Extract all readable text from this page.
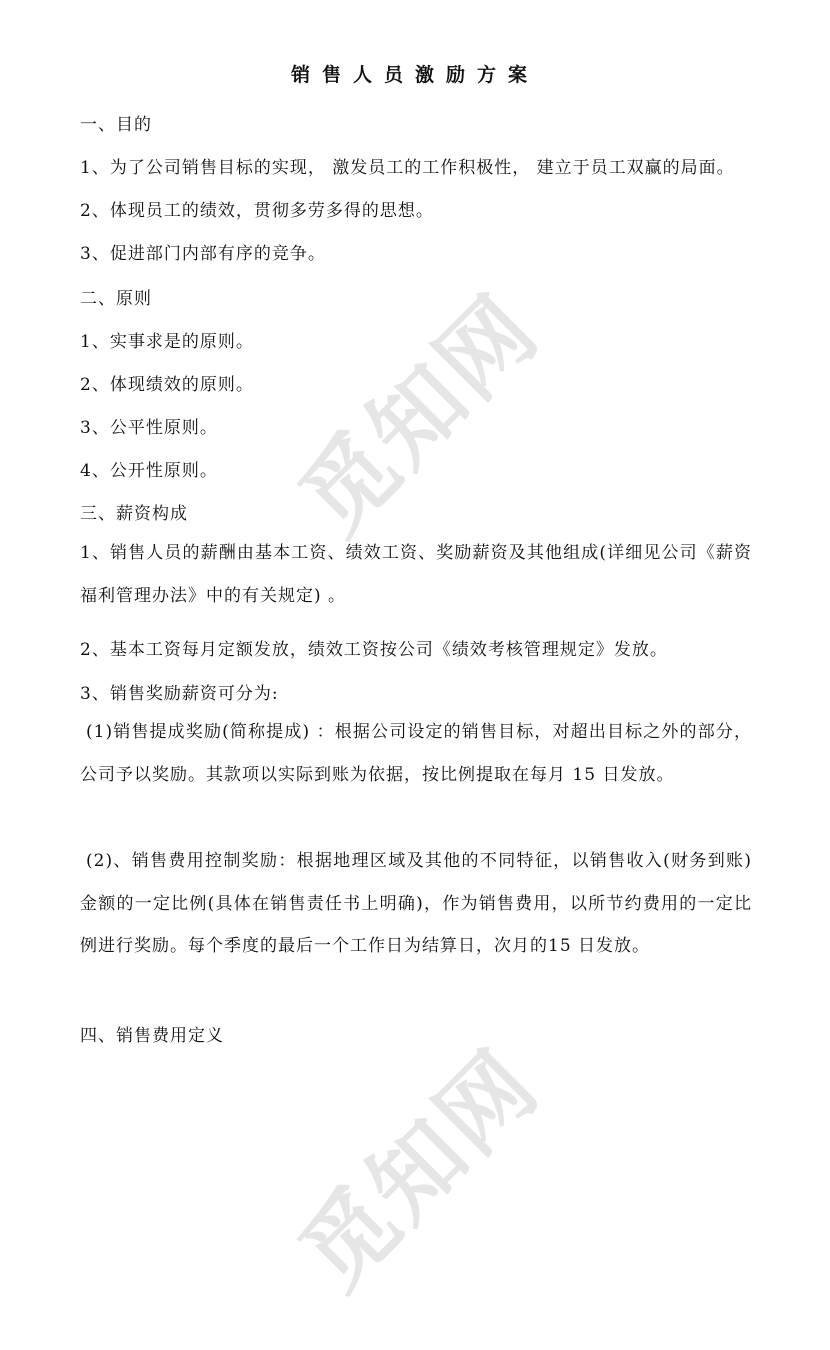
觅知网
觅知网
销售人员激励方案
一、目的
1、为了公司销售目标的实现， 激发员工的工作积极性， 建立于员工双赢的局面。
2、体现员工的绩效，贯彻多劳多得的思想。
3、促进部门内部有序的竞争。
二、原则
1、实事求是的原则。
2、体现绩效的原则。
3、公平性原则。
4、公开性原则。
三、薪资构成
1、销售人员的薪酬由基本工资、绩效工资、奖励薪资及其他组成(详细见公司《薪资福利管理办法》中的有关规定) 。
2、基本工资每月定额发放，绩效工资按公司《绩效考核管理规定》发放。
3、销售奖励薪资可分为:
(1)销售提成奖励(简称提成) ：根据公司设定的销售目标，对超出目标之外的部分，公司予以奖励。其款项以实际到账为依据，按比例提取在每月 15 日发放。
(2)、销售费用控制奖励：根据地理区域及其他的不同特征，以销售收入(财务到账)金额的一定比例(具体在销售责任书上明确)，作为销售费用，以所节约费用的一定比例进行奖励。每个季度的最后一个工作日为结算日，次月的15 日发放。
四、销售费用定义
